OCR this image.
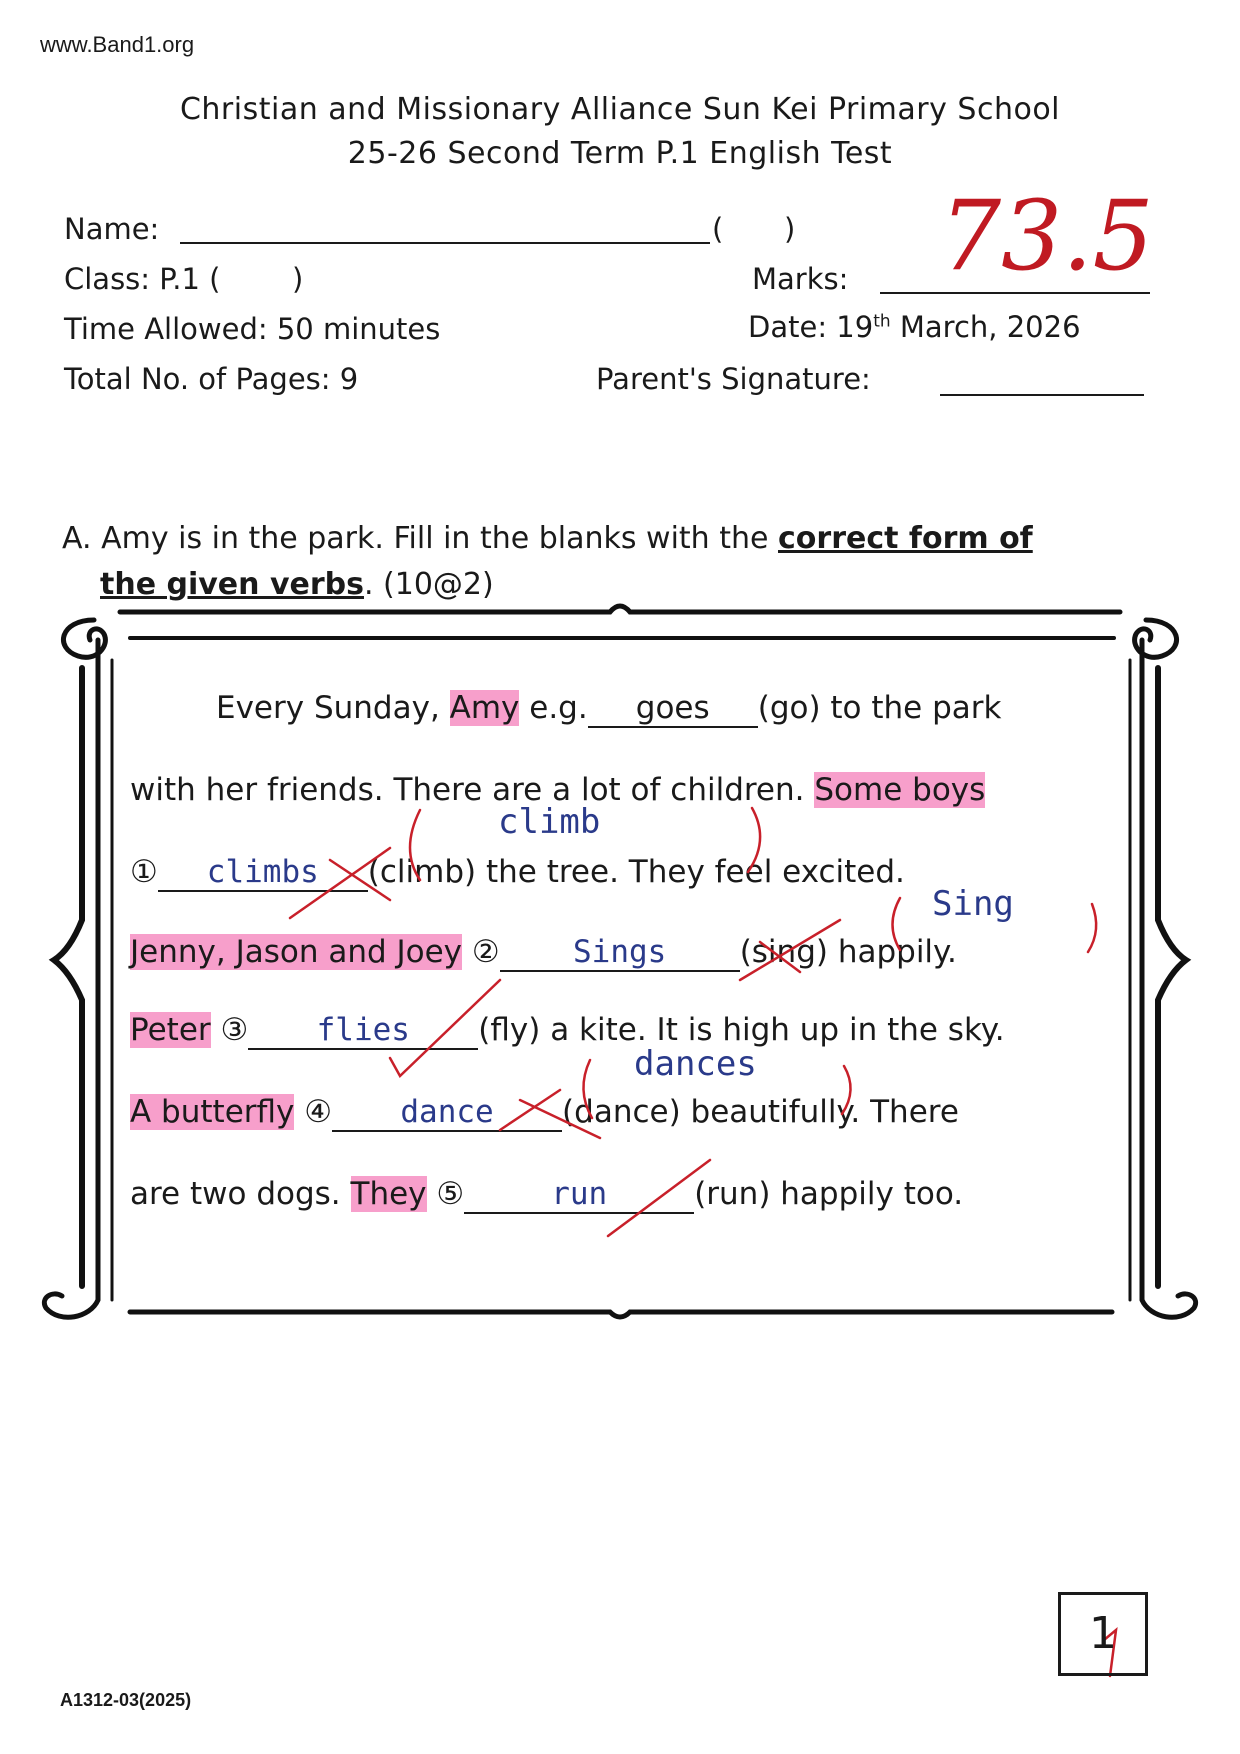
www.Band1.org
Christian and Missionary Alliance Sun Kei Primary School
25-26 Second Term P.1 English Test
Name:	( )
Class: P.1 ( )
Time Allowed: 50 minutes
Total No. of Pages: 9
Marks: 73.5
Date: 19th March, 2026
Parent's Signature:
A. Amy is in the park. Fill in the blanks with the correct form of
the given verbs. (10@2)
Every Sunday, Amy e.g. goes (go) to the park
with her friends. There are a lot of children. Some boys
climb
① climbs (climb) the tree. They feel excited.
Sing
Jenny, Jason and Joey ② Sings (sing) happily.
Peter ③ flies (fly) a kite. It is high up in the sky.
dances
A butterfly ④ dance (dance) beautifully. There
are two dogs. They ⑤	run	(run) happily too.
A1312-03(2025)
1
